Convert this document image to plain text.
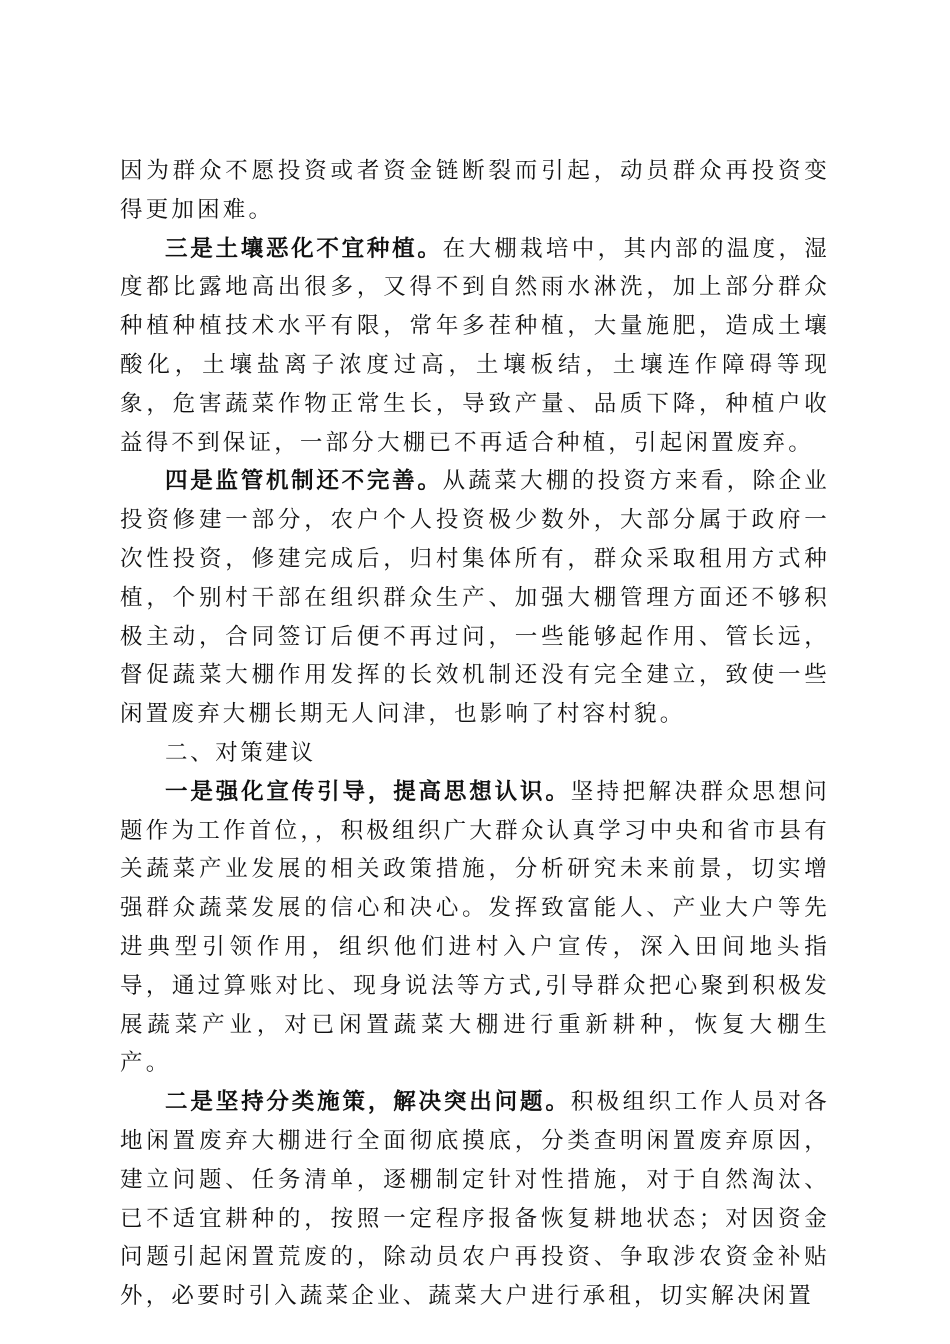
因为群众不愿投资或者资金链断裂而引起，动员群众再投资变得更加困难。

三是土壤恶化不宜种植。在大棚栽培中，其内部的温度，湿度都比露地高出很多，又得不到自然雨水淋洗，加上部分群众种植种植技术水平有限，常年多茬种植，大量施肥，造成土壤酸化，土壤盐离子浓度过高，土壤板结，土壤连作障碍等现象，危害蔬菜作物正常生长，导致产量、品质下降，种植户收益得不到保证，一部分大棚已不再适合种植，引起闲置废弃。

四是监管机制还不完善。从蔬菜大棚的投资方来看，除企业投资修建一部分，农户个人投资极少数外，大部分属于政府一次性投资，修建完成后，归村集体所有，群众采取租用方式种植，个别村干部在组织群众生产、加强大棚管理方面还不够积极主动，合同签订后便不再过问，一些能够起作用、管长远，督促蔬菜大棚作用发挥的长效机制还没有完全建立，致使一些闲置废弃大棚长期无人问津，也影响了村容村貌。

二、对策建议

一是强化宣传引导，提高思想认识。坚持把解决群众思想问题作为工作首位，，积极组织广大群众认真学习中央和省市县有关蔬菜产业发展的相关政策措施，分析研究未来前景，切实增强群众蔬菜发展的信心和决心。发挥致富能人、产业大户等先进典型引领作用，组织他们进村入户宣传，深入田间地头指导，通过算账对比、现身说法等方式,引导群众把心聚到积极发展蔬菜产业，对已闲置蔬菜大棚进行重新耕种，恢复大棚生产。

二是坚持分类施策，解决突出问题。积极组织工作人员对各地闲置废弃大棚进行全面彻底摸底，分类查明闲置废弃原因，建立问题、任务清单，逐棚制定针对性措施，对于自然淘汰、已不适宜耕种的，按照一定程序报备恢复耕地状态；对因资金问题引起闲置荒废的，除动员农户再投资、争取涉农资金补贴外，必要时引入蔬菜企业、蔬菜大户进行承租，切实解决闲置
